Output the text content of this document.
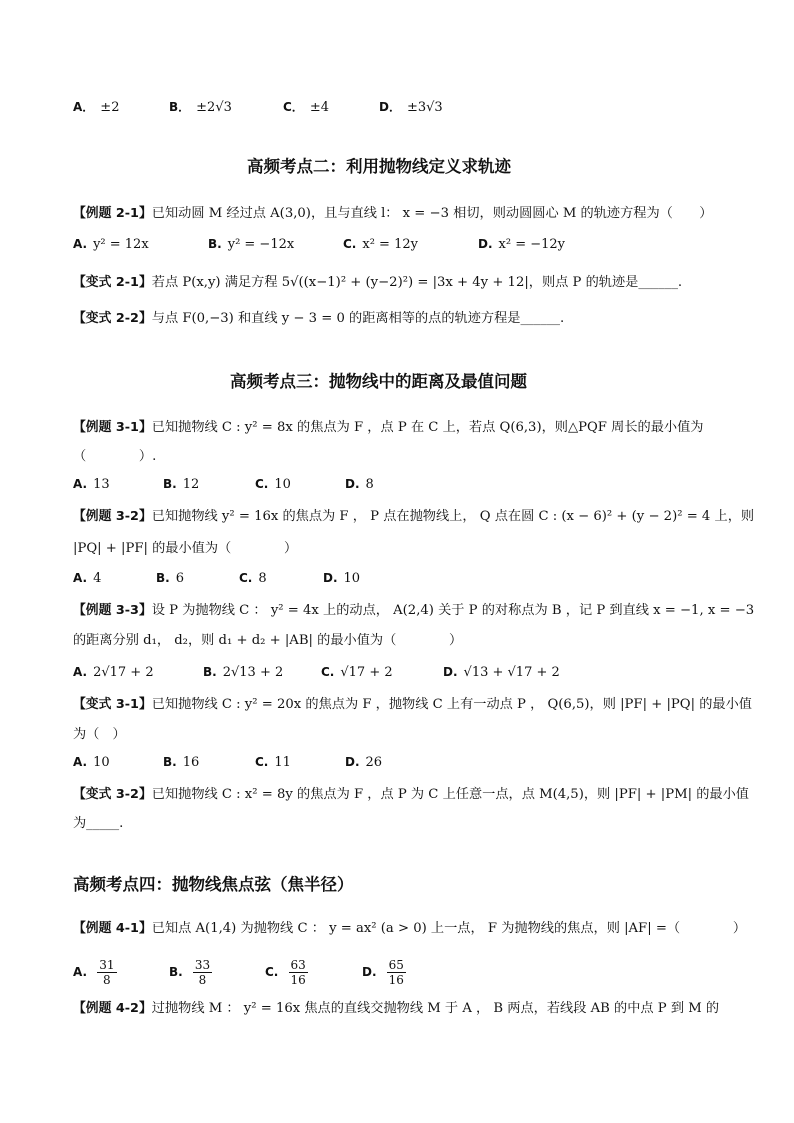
A． ±2	B． ±2√3	C． ±4	D． ±3√3
高频考点二：利用抛物线定义求轨迹
【例题 2-1】已知动圆 M 经过点 A(3,0)，且与直线 l： x = −3 相切，则动圆圆心 M 的轨迹方程为（　　）
A. y² = 12x	B. y² = −12x	C. x² = 12y	D. x² = −12y
【变式 2-1】若点 P(x,y) 满足方程 5√((x−1)² + (y−2)²) = |3x + 4y + 12|，则点 P 的轨迹是______.
【变式 2-2】与点 F(0,−3) 和直线 y − 3 = 0 的距离相等的点的轨迹方程是______.
高频考点三：抛物线中的距离及最值问题
【例题 3-1】已知抛物线 C : y² = 8x 的焦点为 F ，点 P 在 C 上，若点 Q(6,3)，则△PQF 周长的最小值为
（　　　　）.
A. 13	B. 12	C. 10	D. 8
【例题 3-2】已知抛物线 y² = 16x 的焦点为 F ， P 点在抛物线上， Q 点在圆 C : (x − 6)² + (y − 2)² = 4 上，则
|PQ| + |PF| 的最小值为（　　　　）
A. 4	B. 6	C. 8	D. 10
【例题 3-3】设 P 为抛物线 C ： y² = 4x 上的动点， A(2,4) 关于 P 的对称点为 B ，记 P 到直线 x = −1, x = −3
的距离分别 d₁， d₂，则 d₁ + d₂ + |AB| 的最小值为（　　　　）
A. 2√17 + 2	B. 2√13 + 2	C. √17 + 2	D. √13 + √17 + 2
【变式 3-1】已知抛物线 C : y² = 20x 的焦点为 F ，抛物线 C 上有一动点 P ， Q(6,5)，则 |PF| + |PQ| 的最小值
为（　）
A. 10	B. 16	C. 11	D. 26
【变式 3-2】已知抛物线 C : x² = 8y 的焦点为 F ，点 P 为 C 上任意一点，点 M(4,5)，则 |PF| + |PM| 的最小值
为_____.
高频考点四：抛物线焦点弦（焦半径）
【例题 4-1】已知点 A(1,4) 为抛物线 C ： y = ax² (a > 0) 上一点， F 为抛物线的焦点，则 |AF| =（　　　　）
A. $\frac{31}{8}$	B. $\frac{33}{8}$	C. $\frac{63}{16}$	D. $\frac{65}{16}$
【例题 4-2】过抛物线 M ： y² = 16x 焦点的直线交抛物线 M 于 A ， B 两点，若线段 AB 的中点 P 到 M 的
